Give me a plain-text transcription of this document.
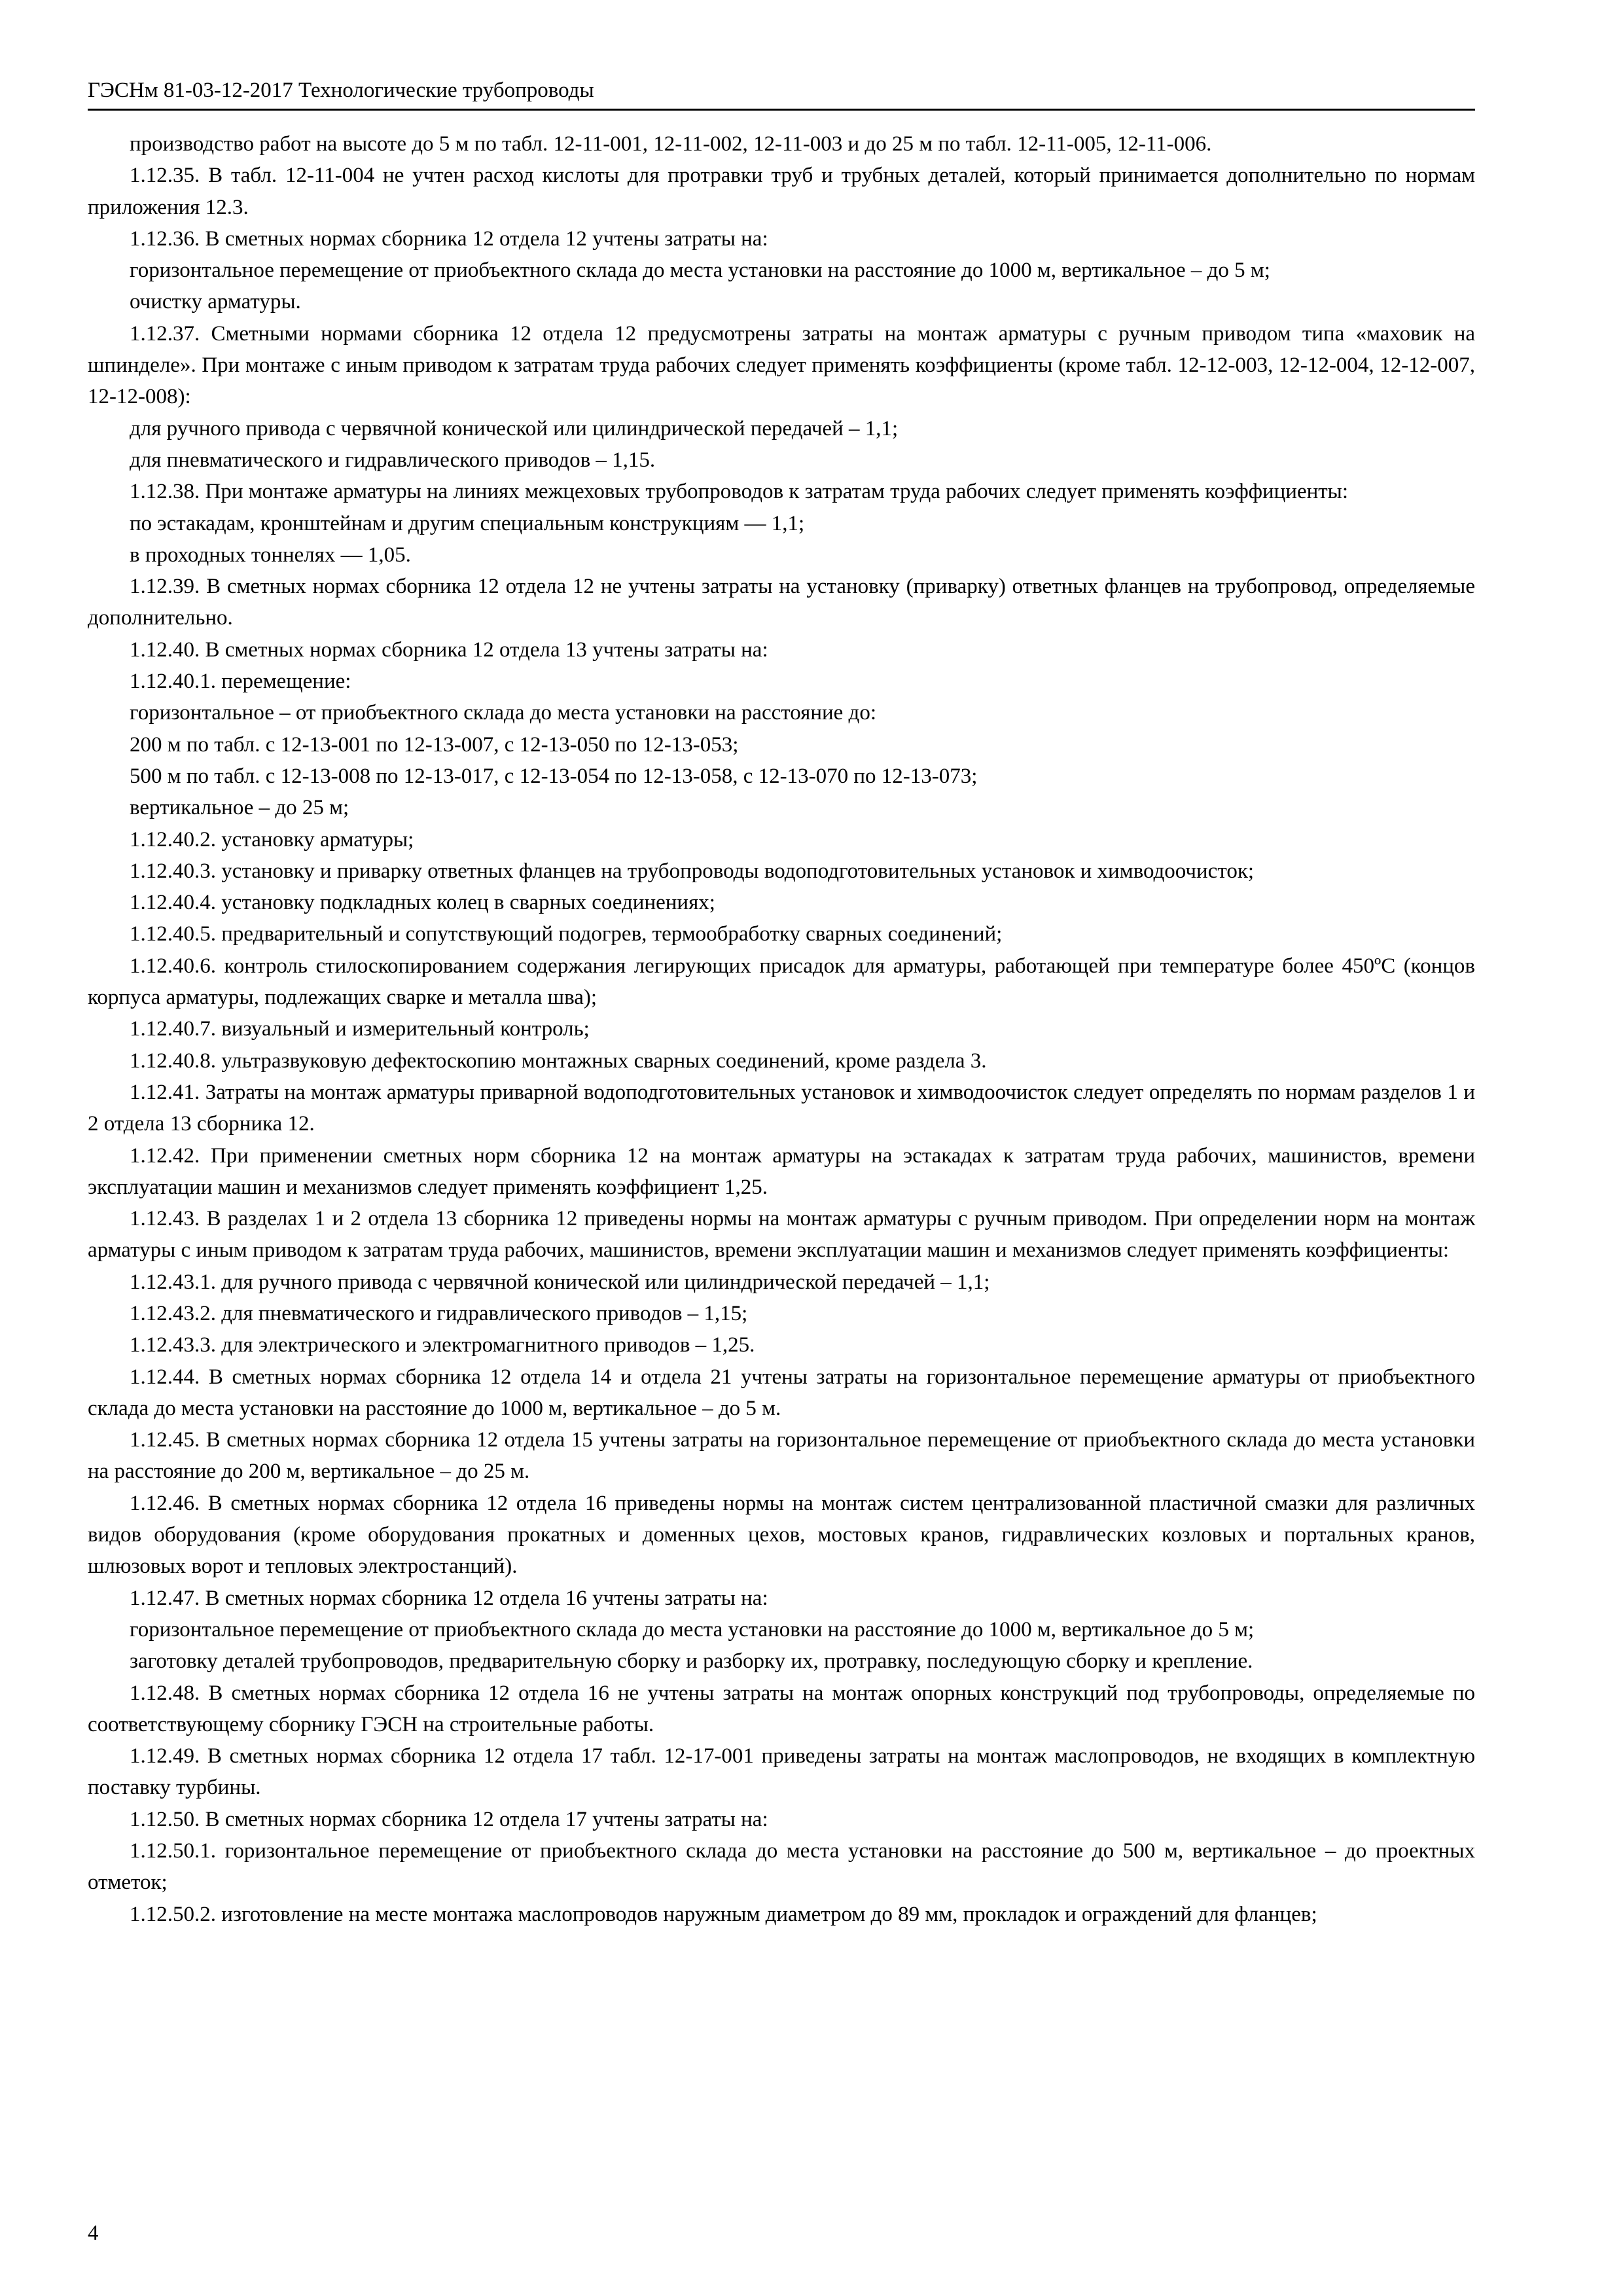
ГЭСНм 81-03-12-2017 Технологические трубопроводы

производство работ на высоте до 5 м по табл. 12-11-001, 12-11-002, 12-11-003 и до 25 м по табл. 12-11-005, 12-11-006.

1.12.35. В табл. 12-11-004 не учтен расход кислоты для протравки труб и трубных деталей, который принимается дополнительно по нормам приложения 12.3.

1.12.36. В сметных нормах сборника 12 отдела 12 учтены затраты на:

горизонтальное перемещение от приобъектного склада до места установки на расстояние до 1000 м, вертикальное – до 5 м;

очистку арматуры.

1.12.37. Сметными нормами сборника 12 отдела 12 предусмотрены затраты на монтаж арматуры с ручным приводом типа «маховик на шпинделе». При монтаже с иным приводом к затратам труда рабочих следует применять коэффициенты (кроме табл. 12-12-003, 12-12-004, 12-12-007, 12-12-008):

для ручного привода с червячной конической или цилиндрической передачей – 1,1;

для пневматического и гидравлического приводов – 1,15.

1.12.38. При монтаже арматуры на линиях межцеховых трубопроводов к затратам труда рабочих следует применять коэффициенты:

по эстакадам, кронштейнам и другим специальным конструкциям — 1,1;

в проходных тоннелях — 1,05.

1.12.39. В сметных нормах сборника 12 отдела 12 не учтены затраты на установку (приварку) ответных фланцев на трубопровод, определяемые дополнительно.

1.12.40. В сметных нормах сборника 12 отдела 13 учтены затраты на:

1.12.40.1. перемещение:

горизонтальное – от приобъектного склада до места установки на расстояние до:

200 м по табл. с 12-13-001 по 12-13-007, с 12-13-050 по 12-13-053;

500 м по табл. с 12-13-008 по 12-13-017, с 12-13-054 по 12-13-058, с 12-13-070 по 12-13-073;

вертикальное – до 25 м;

1.12.40.2. установку арматуры;

1.12.40.3. установку и приварку ответных фланцев на трубопроводы водоподготовительных установок и химводоочисток;

1.12.40.4. установку подкладных колец в сварных соединениях;

1.12.40.5. предварительный и сопутствующий подогрев, термообработку сварных соединений;

1.12.40.6. контроль стилоскопированием содержания легирующих присадок для арматуры, работающей при температуре более 450ºС (концов корпуса арматуры, подлежащих сварке и металла шва);

1.12.40.7. визуальный и измерительный контроль;

1.12.40.8. ультразвуковую дефектоскопию монтажных сварных соединений, кроме раздела 3.

1.12.41. Затраты на монтаж арматуры приварной водоподготовительных установок и химводоочисток следует определять по нормам разделов 1 и 2 отдела 13 сборника 12.

1.12.42. При применении сметных норм сборника 12 на монтаж арматуры на эстакадах к затратам труда рабочих, машинистов, времени эксплуатации машин и механизмов следует применять коэффициент 1,25.

1.12.43. В разделах 1 и 2 отдела 13 сборника 12 приведены нормы на монтаж арматуры с ручным приводом. При определении норм на монтаж арматуры с иным приводом к затратам труда рабочих, машинистов, времени эксплуатации машин и механизмов следует применять коэффициенты:

1.12.43.1. для ручного привода с червячной конической или цилиндрической передачей – 1,1;

1.12.43.2. для пневматического и гидравлического приводов – 1,15;

1.12.43.3. для электрического и электромагнитного приводов – 1,25.

1.12.44. В сметных нормах сборника 12 отдела 14 и отдела 21 учтены затраты на горизонтальное перемещение арматуры от приобъектного склада до места установки на расстояние до 1000 м, вертикальное – до 5 м.

1.12.45. В сметных нормах сборника 12 отдела 15 учтены затраты на горизонтальное перемещение от приобъектного склада до места установки на расстояние до 200 м, вертикальное – до 25 м.

1.12.46. В сметных нормах сборника 12 отдела 16 приведены нормы на монтаж систем централизованной пластичной смазки для различных видов оборудования (кроме оборудования прокатных и доменных цехов, мостовых кранов, гидравлических козловых и портальных кранов, шлюзовых ворот и тепловых электростанций).

1.12.47. В сметных нормах сборника 12 отдела 16 учтены затраты на:

горизонтальное перемещение от приобъектного склада до места установки на расстояние до 1000 м, вертикальное до 5 м;

заготовку деталей трубопроводов, предварительную сборку и разборку их, протравку, последующую сборку и крепление.

1.12.48. В сметных нормах сборника 12 отдела 16 не учтены затраты на монтаж опорных конструкций под трубопроводы, определяемые по соответствующему сборнику ГЭСН на строительные работы.

1.12.49. В сметных нормах сборника 12 отдела 17 табл. 12-17-001 приведены затраты на монтаж маслопроводов, не входящих в комплектную поставку турбины.

1.12.50. В сметных нормах сборника 12 отдела 17 учтены затраты на:

1.12.50.1. горизонтальное перемещение от приобъектного склада до места установки на расстояние до 500 м, вертикальное – до проектных отметок;

1.12.50.2. изготовление на месте монтажа маслопроводов наружным диаметром до 89 мм, прокладок и ограждений для фланцев;

4
